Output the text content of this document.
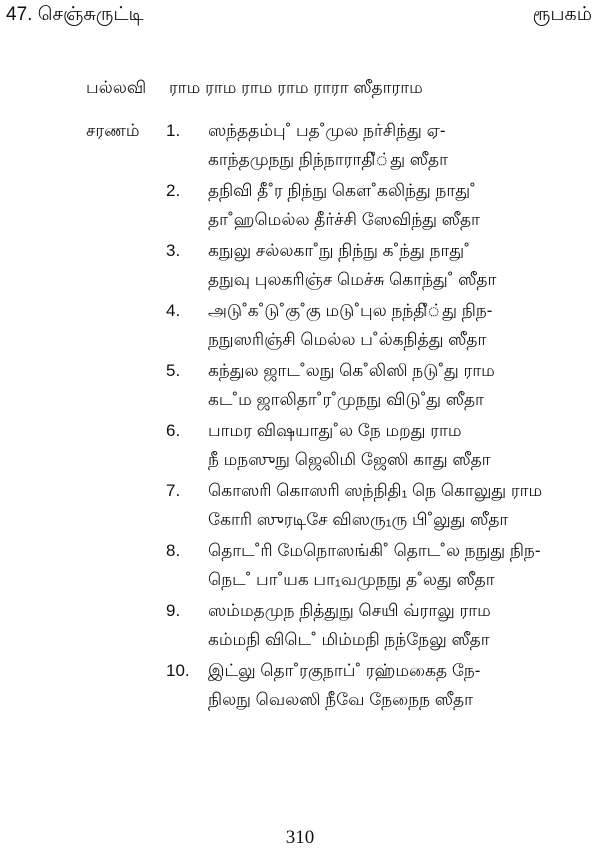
47. செஞ்சுருட்டி	ரூபகம்
பல்லவி ராம ராம ராம ராம ராரா ஸீதாராம
சரணம் 1. ஸந்ததம்பு˚ பத˚முல நர்சிந்து ஏ-
காந்தமுநநு நிந்நாராதிஂ்து ஸீதா
2. தநிவி தீ˚ர நிந்நு கௌ˚கலிந்து நாது˚
தா˚ஹமெல்ல தீர்ச்சி ஸேவிந்து ஸீதா
3. கநுலு சல்லகா˚நு நிந்நு க˚ந்து நாது˚
தநுவு புலகரிஞ்ச மெச்சு கொந்து˚ ஸீதா
4. அடு˚க˚டு˚கு˚கு மடு˚புல நந்திஂ்து நிந-
நநுஸரிஞ்சி மெல்ல ப˚ல்கநித்து ஸீதா
5. கந்துல ஜாட˚லநு கெ˚லிஸி நடு˚து ராம
கட˚ம ஜாலிதா˚ர˚முநநு விடு˚து ஸீதா
6. பாமர விஷயாது˚ல நே மறது ராம
நீ மநஸுநு ஜெலிமி ஜேஸி காது ஸீதா
7. கொஸரி கொஸரி ஸந்நிதி₁ நெ கொலுது ராம
கோரி ஸுரடிசே விஸரு₁ரு பி˚லுது ஸீதா
8. தொட˚ரி மேநொஸங்கி˚ தொட˚ல நநுது நிந-
நெட˚ பா˚யக பா₁வமுநநு த˚லது ஸீதா
9. ஸம்மதமுந நித்துநு செயி வ்ராலு ராம
கம்மநி விடெ˚ மிம்மநி நந்நேலு ஸீதா
10. இட்லு தொ˚ரகுநாப்˚ ரஹ்மகைத நே-
நிலநு வெலஸி நீவே நேநைந ஸீதா
310
